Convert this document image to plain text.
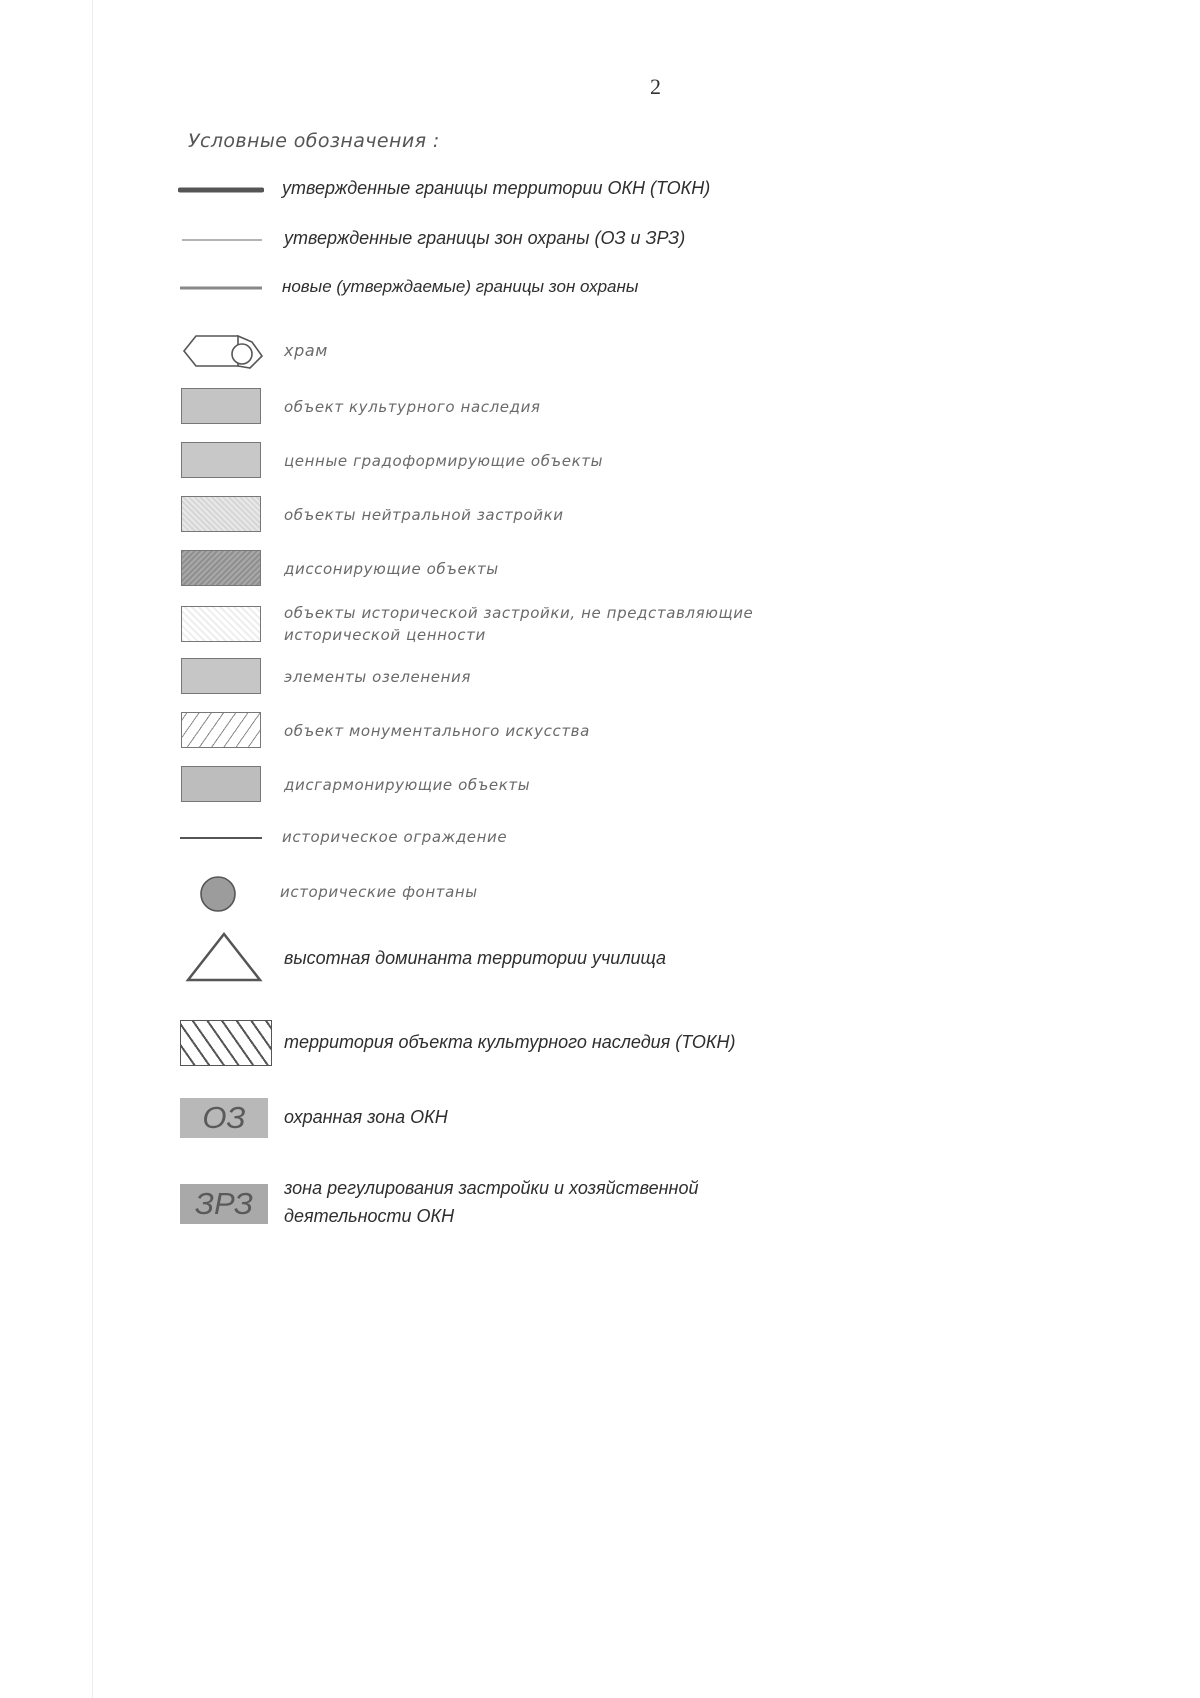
2
Условные обозначения :
утвержденные границы территории ОКН (ТОКН)
утвержденные границы зон охраны (ОЗ и ЗРЗ)
новые (утверждаемые) границы зон охраны
храм
объект культурного наследия
ценные градоформирующие объекты
объекты нейтральной застройки
диссонирующие объекты
объекты исторической застройки, не представляющие
исторической ценности
элементы озеленения
объект монументального искусства
дисгармонирующие объекты
историческое ограждение
исторические фонтаны
высотная доминанта территории училища
территория объекта культурного наследия (ТОКН)
ОЗ	охранная зона ОКН
ЗРЗ	зона регулирования застройки и хозяйственной
деятельности ОКН
